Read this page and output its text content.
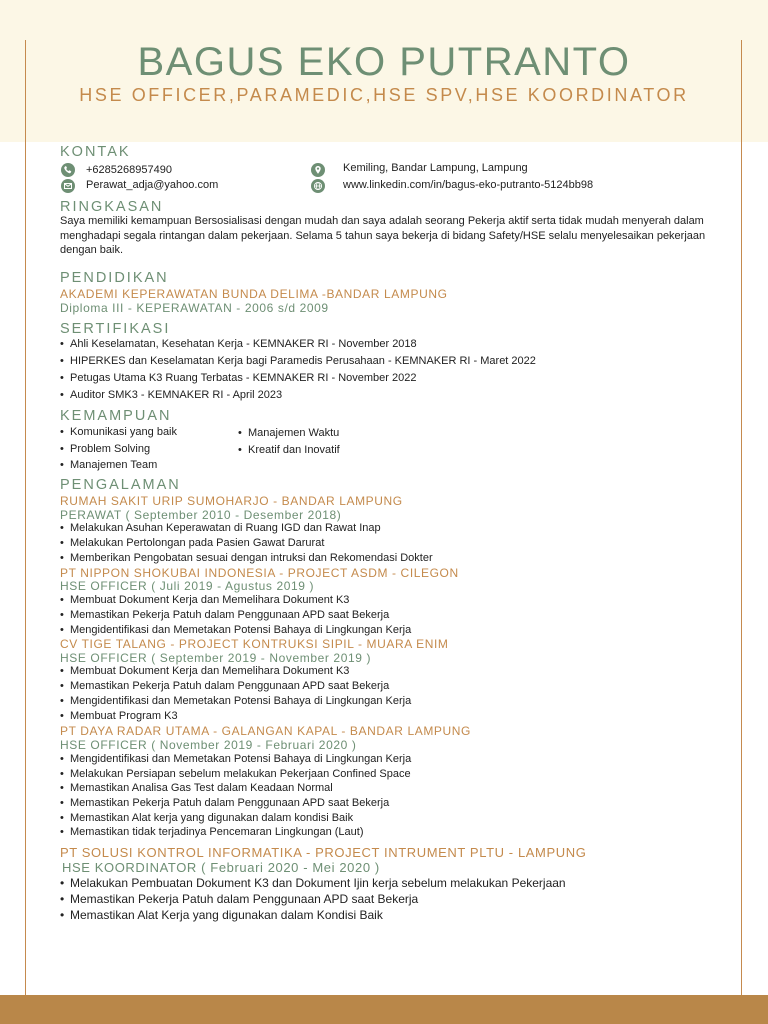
BAGUS EKO PUTRANTO
HSE OFFICER,PARAMEDIC,HSE SPV,HSE KOORDINATOR
KONTAK
+6285268957490
Perawat_adja@yahoo.com
Kemiling, Bandar Lampung, Lampung
www.linkedin.com/in/bagus-eko-putranto-5124bb98
RINGKASAN
Saya memiliki kemampuan Bersosialisasi dengan mudah dan saya adalah seorang Pekerja aktif serta tidak mudah menyerah dalam menghadapi segala rintangan dalam pekerjaan. Selama 5 tahun saya bekerja di bidang Safety/HSE selalu menyelesaikan pekerjaan dengan baik.
PENDIDIKAN
AKADEMI KEPERAWATAN BUNDA DELIMA -BANDAR LAMPUNG
Diploma III - KEPERAWATAN - 2006 s/d 2009
SERTIFIKASI
• Ahli Keselamatan, Kesehatan Kerja - KEMNAKER RI - November 2018
• HIPERKES dan Keselamatan Kerja bagi Paramedis Perusahaan - KEMNAKER RI - Maret 2022
• Petugas Utama K3 Ruang Terbatas - KEMNAKER RI - November 2022
• Auditor SMK3 - KEMNAKER RI - April 2023
KEMAMPUAN
• Komunikasi yang baik
• Problem Solving
• Manajemen Team
• Manajemen Waktu
• Kreatif dan Inovatif
PENGALAMAN
RUMAH SAKIT URIP SUMOHARJO - BANDAR LAMPUNG
PERAWAT ( September 2010 - Desember 2018)
• Melakukan Asuhan Keperawatan di Ruang IGD dan Rawat Inap
• Melakukan Pertolongan pada Pasien Gawat Darurat
• Memberikan Pengobatan sesuai dengan intruksi dan Rekomendasi Dokter
PT NIPPON SHOKUBAI INDONESIA - PROJECT ASDM - CILEGON
HSE OFFICER ( Juli 2019 - Agustus 2019 )
• Membuat Dokument Kerja dan Memelihara Dokument K3
• Memastikan Pekerja Patuh dalam Penggunaan APD saat Bekerja
• Mengidentifikasi dan Memetakan Potensi Bahaya di Lingkungan Kerja
CV TIGE TALANG - PROJECT KONTRUKSI SIPIL - MUARA ENIM
HSE OFFICER ( September 2019 - November 2019 )
• Membuat Dokument Kerja dan Memelihara Dokument K3
• Memastikan Pekerja Patuh dalam Penggunaan APD saat Bekerja
• Mengidentifikasi dan Memetakan Potensi Bahaya di Lingkungan Kerja
• Membuat Program K3
PT DAYA RADAR UTAMA - GALANGAN KAPAL - BANDAR LAMPUNG
HSE OFFICER ( November 2019 - Februari 2020 )
• Mengidentifikasi dan Memetakan Potensi Bahaya di Lingkungan Kerja
• Melakukan Persiapan sebelum melakukan Pekerjaan Confined Space
• Memastikan Analisa Gas Test dalam Keadaan Normal
• Memastikan Pekerja Patuh dalam Penggunaan APD saat Bekerja
• Memastikan Alat kerja yang digunakan dalam kondisi Baik
• Memastikan tidak terjadinya Pencemaran Lingkungan (Laut)
PT SOLUSI KONTROL INFORMATIKA - PROJECT INTRUMENT PLTU - LAMPUNG
HSE KOORDINATOR ( Februari 2020 - Mei 2020 )
• Melakukan Pembuatan Dokument K3 dan Dokument Ijin kerja sebelum melakukan Pekerjaan
• Memastikan Pekerja Patuh dalam Penggunaan APD saat Bekerja
• Memastikan Alat Kerja yang digunakan dalam Kondisi Baik
